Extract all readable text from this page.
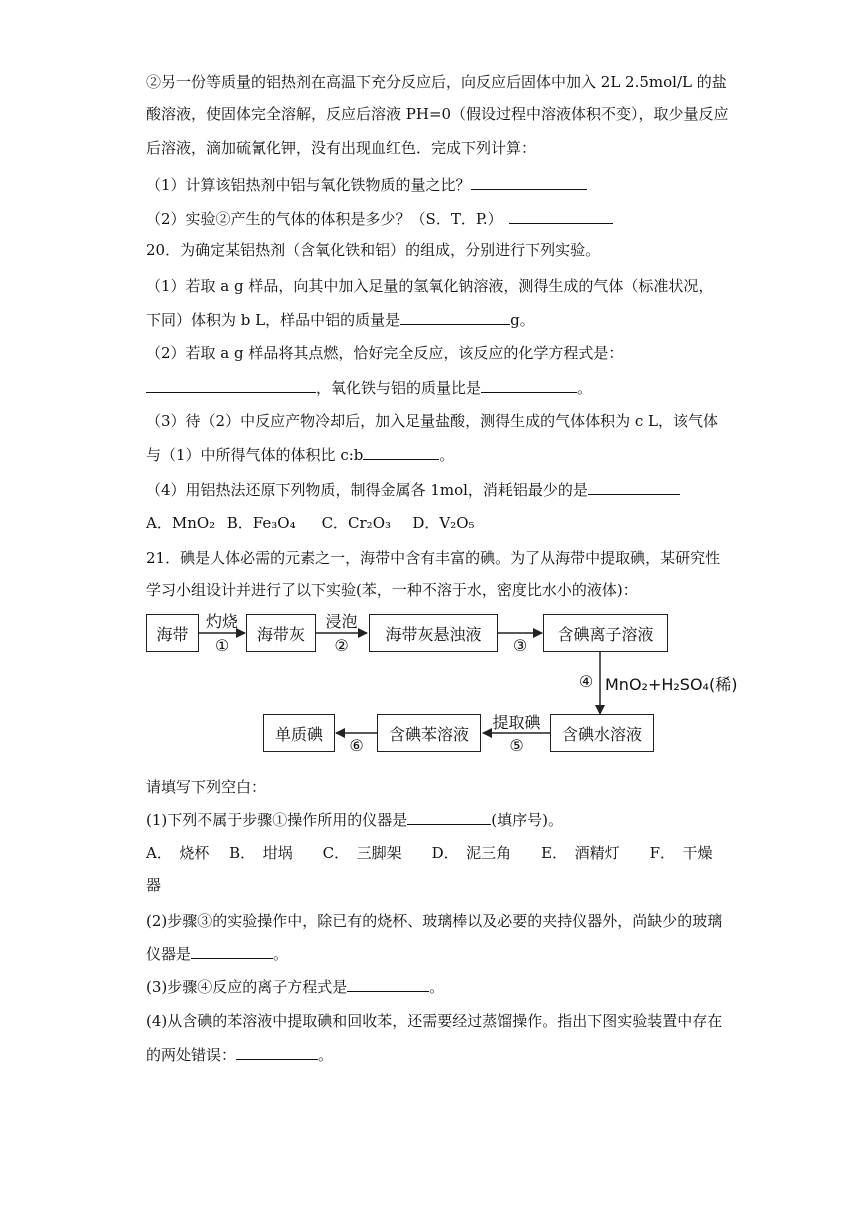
②另一份等质量的铝热剂在高温下充分反应后，向反应后固体中加入 2L 2.5mol/L 的盐
酸溶液，使固体完全溶解，反应后溶液 PH=0（假设过程中溶液体积不变），取少量反应
后溶液，滴加硫氰化钾，没有出现血红色．完成下列计算：
（1）计算该铝热剂中铝与氧化铁物质的量之比？
（2）实验②产生的气体的体积是多少？（S．T．P.）
20．为确定某铝热剂（含氧化铁和铝）的组成，分别进行下列实验。
（1）若取 a g 样品，向其中加入足量的氢氧化钠溶液，测得生成的气体（标准状况，
下同）体积为 b L，样品中铝的质量是	g。
（2）若取 a g 样品将其点燃，恰好完全反应，该反应的化学方程式是：
，氧化铁与铝的质量比是	。
（3）待（2）中反应产物冷却后，加入足量盐酸，测得生成的气体体积为 c L，该气体
与（1）中所得气体的体积比 c:b	。
（4）用铝热法还原下列物质，制得金属各 1mol，消耗铝最少的是
A．MnO₂ B．Fe₃O₄ C．Cr₂O₃ D．V₂O₅
21．碘是人体必需的元素之一，海带中含有丰富的碘。为了从海带中提取碘，某研究性
学习小组设计并进行了以下实验(苯，一种不溶于水，密度比水小的液体)：
海带	海带灰	海带灰悬浊液	含碘离子溶液
含碘水溶液
含碘苯溶液
单质碘
灼烧
①
浸泡
②	③
④ MnO₂+H₂SO₄(稀)
提取碘
⑤
⑥
请填写下列空白：
(1)下列不属于步骤①操作所用的仪器是	(填序号)。
A．　烧杯　 B．　坩埚　　C．　三脚架　　D．　泥三角　　E．　酒精灯　　F．　干燥
器
(2)步骤③的实验操作中，除已有的烧杯、玻璃棒以及必要的夹持仪器外，尚缺少的玻璃
仪器是	。
(3)步骤④反应的离子方程式是	。
(4)从含碘的苯溶液中提取碘和回收苯，还需要经过蒸馏操作。指出下图实验装置中存在
的两处错误：	。
